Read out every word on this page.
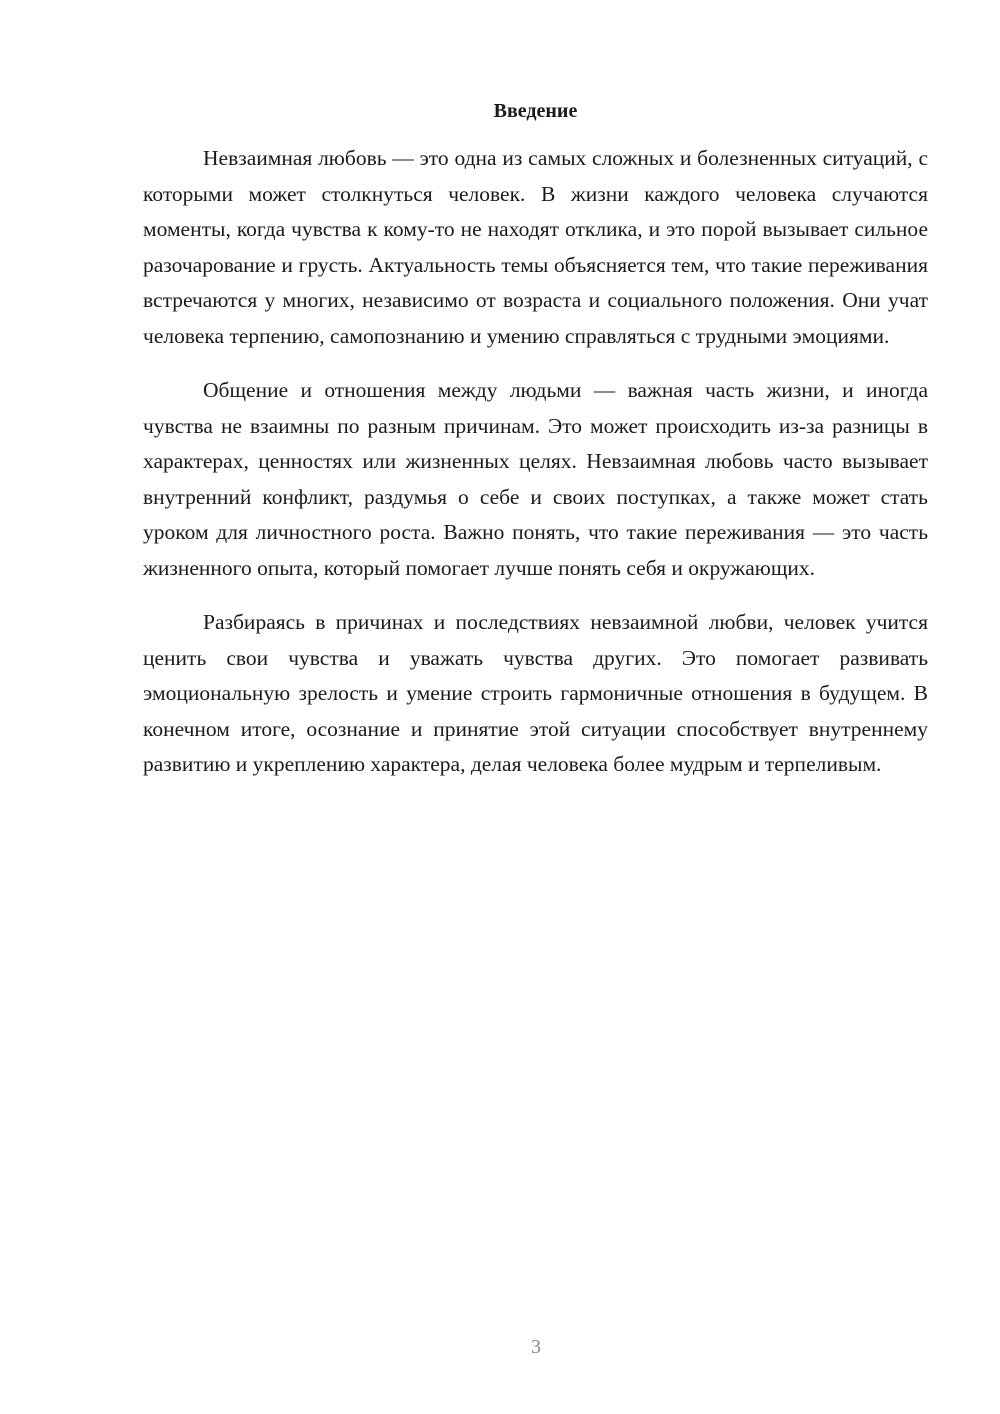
Введение

Невзаимная любовь — это одна из самых сложных и болезненных ситуаций, с которыми может столкнуться человек. В жизни каждого человека случаются моменты, когда чувства к кому-то не находят отклика, и это порой вызывает сильное разочарование и грусть. Актуальность темы объясняется тем, что такие переживания встречаются у многих, независимо от возраста и социального положения. Они учат человека терпению, самопознанию и умению справляться с трудными эмоциями.

Общение и отношения между людьми — важная часть жизни, и иногда чувства не взаимны по разным причинам. Это может происходить из-за разницы в характерах, ценностях или жизненных целях. Невзаимная любовь часто вызывает внутренний конфликт, раздумья о себе и своих поступках, а также может стать уроком для личностного роста. Важно понять, что такие переживания — это часть жизненного опыта, который помогает лучше понять себя и окружающих.

Разбираясь в причинах и последствиях невзаимной любви, человек учится ценить свои чувства и уважать чувства других. Это помогает развивать эмоциональную зрелость и умение строить гармоничные отношения в будущем. В конечном итоге, осознание и принятие этой ситуации способствует внутреннему развитию и укреплению характера, делая человека более мудрым и терпеливым.

3
